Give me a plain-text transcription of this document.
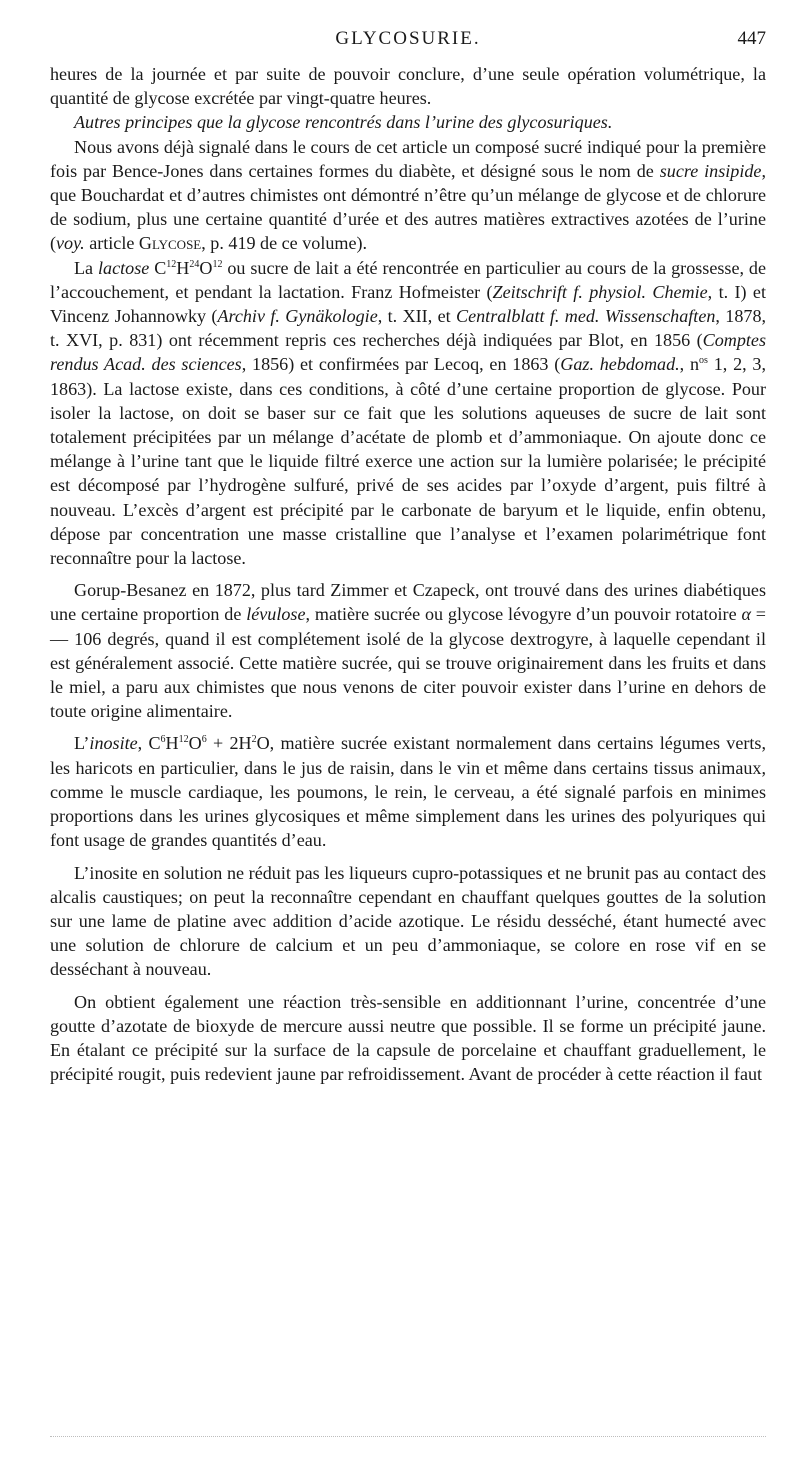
GLYCOSURIE.	447

heures de la journée et par suite de pouvoir conclure, d’une seule opération volumétrique, la quantité de glycose excrétée par vingt-quatre heures.

Autres principes que la glycose rencontrés dans l’urine des glycosuriques.

Nous avons déjà signalé dans le cours de cet article un composé sucré indiqué pour la première fois par Bence-Jones dans certaines formes du diabète, et désigné sous le nom de sucre insipide, que Bouchardat et d’autres chimistes ont démontré n’être qu’un mélange de glycose et de chlorure de sodium, plus une certaine quantité d’urée et des autres matières extractives azotées de l’urine (voy. article Glycose, p. 419 de ce volume).

La lactose $C^{12}H^{24}O^{12}$ ou sucre de lait a été rencontrée en particulier au cours de la grossesse, de l’accouchement, et pendant la lactation. Franz Hofmeister (Zeitschrift f. physiol. Chemie, t. I) et Vincenz Johannowky (Archiv f. Gynäkologie, t. XII, et Centralblatt f. med. Wissenschaften, 1878, t. XVI, p. 831) ont récemment repris ces recherches déjà indiquées par Blot, en 1856 (Comptes rendus Acad. des sciences, 1856) et confirmées par Lecoq, en 1863 (Gaz. hebdomad., $n^{os}$ 1, 2, 3, 1863). La lactose existe, dans ces conditions, à côté d’une certaine proportion de glycose. Pour isoler la lactose, on doit se baser sur ce fait que les solutions aqueuses de sucre de lait sont totalement précipitées par un mélange d’acétate de plomb et d’ammoniaque. On ajoute donc ce mélange à l’urine tant que le liquide filtré exerce une action sur la lumière polarisée; le précipité est décomposé par l’hydrogène sulfuré, privé de ses acides par l’oxyde d’argent, puis filtré à nouveau. L’excès d’argent est précipité par le carbonate de baryum et le liquide, enfin obtenu, dépose par concentration une masse cristalline que l’analyse et l’examen polarimétrique font reconnaître pour la lactose.

Gorup-Besanez en 1872, plus tard Zimmer et Czapeck, ont trouvé dans des urines diabétiques une certaine proportion de lévulose, matière sucrée ou glycose lévogyre d’un pouvoir rotatoire α = — 106 degrés, quand il est complétement isolé de la glycose dextrogyre, à laquelle cependant il est généralement associé. Cette matière sucrée, qui se trouve originairement dans les fruits et dans le miel, a paru aux chimistes que nous venons de citer pouvoir exister dans l’urine en dehors de toute origine alimentaire.

L’inosite, $C^6H^{12}O^6 + 2H^2O$, matière sucrée existant normalement dans certains légumes verts, les haricots en particulier, dans le jus de raisin, dans le vin et même dans certains tissus animaux, comme le muscle cardiaque, les poumons, le rein, le cerveau, a été signalé parfois en minimes proportions dans les urines glycosiques et même simplement dans les urines des polyuriques qui font usage de grandes quantités d’eau.

L’inosite en solution ne réduit pas les liqueurs cupro-potassiques et ne brunit pas au contact des alcalis caustiques; on peut la reconnaître cependant en chauffant quelques gouttes de la solution sur une lame de platine avec addition d’acide azotique. Le résidu desséché, étant humecté avec une solution de chlorure de calcium et un peu d’ammoniaque, se colore en rose vif en se desséchant à nouveau.

On obtient également une réaction très-sensible en additionnant l’urine, concentrée d’une goutte d’azotate de bioxyde de mercure aussi neutre que possible. Il se forme un précipité jaune. En étalant ce précipité sur la surface de la capsule de porcelaine et chauffant graduellement, le précipité rougit, puis redevient jaune par refroidissement. Avant de procéder à cette réaction il faut
